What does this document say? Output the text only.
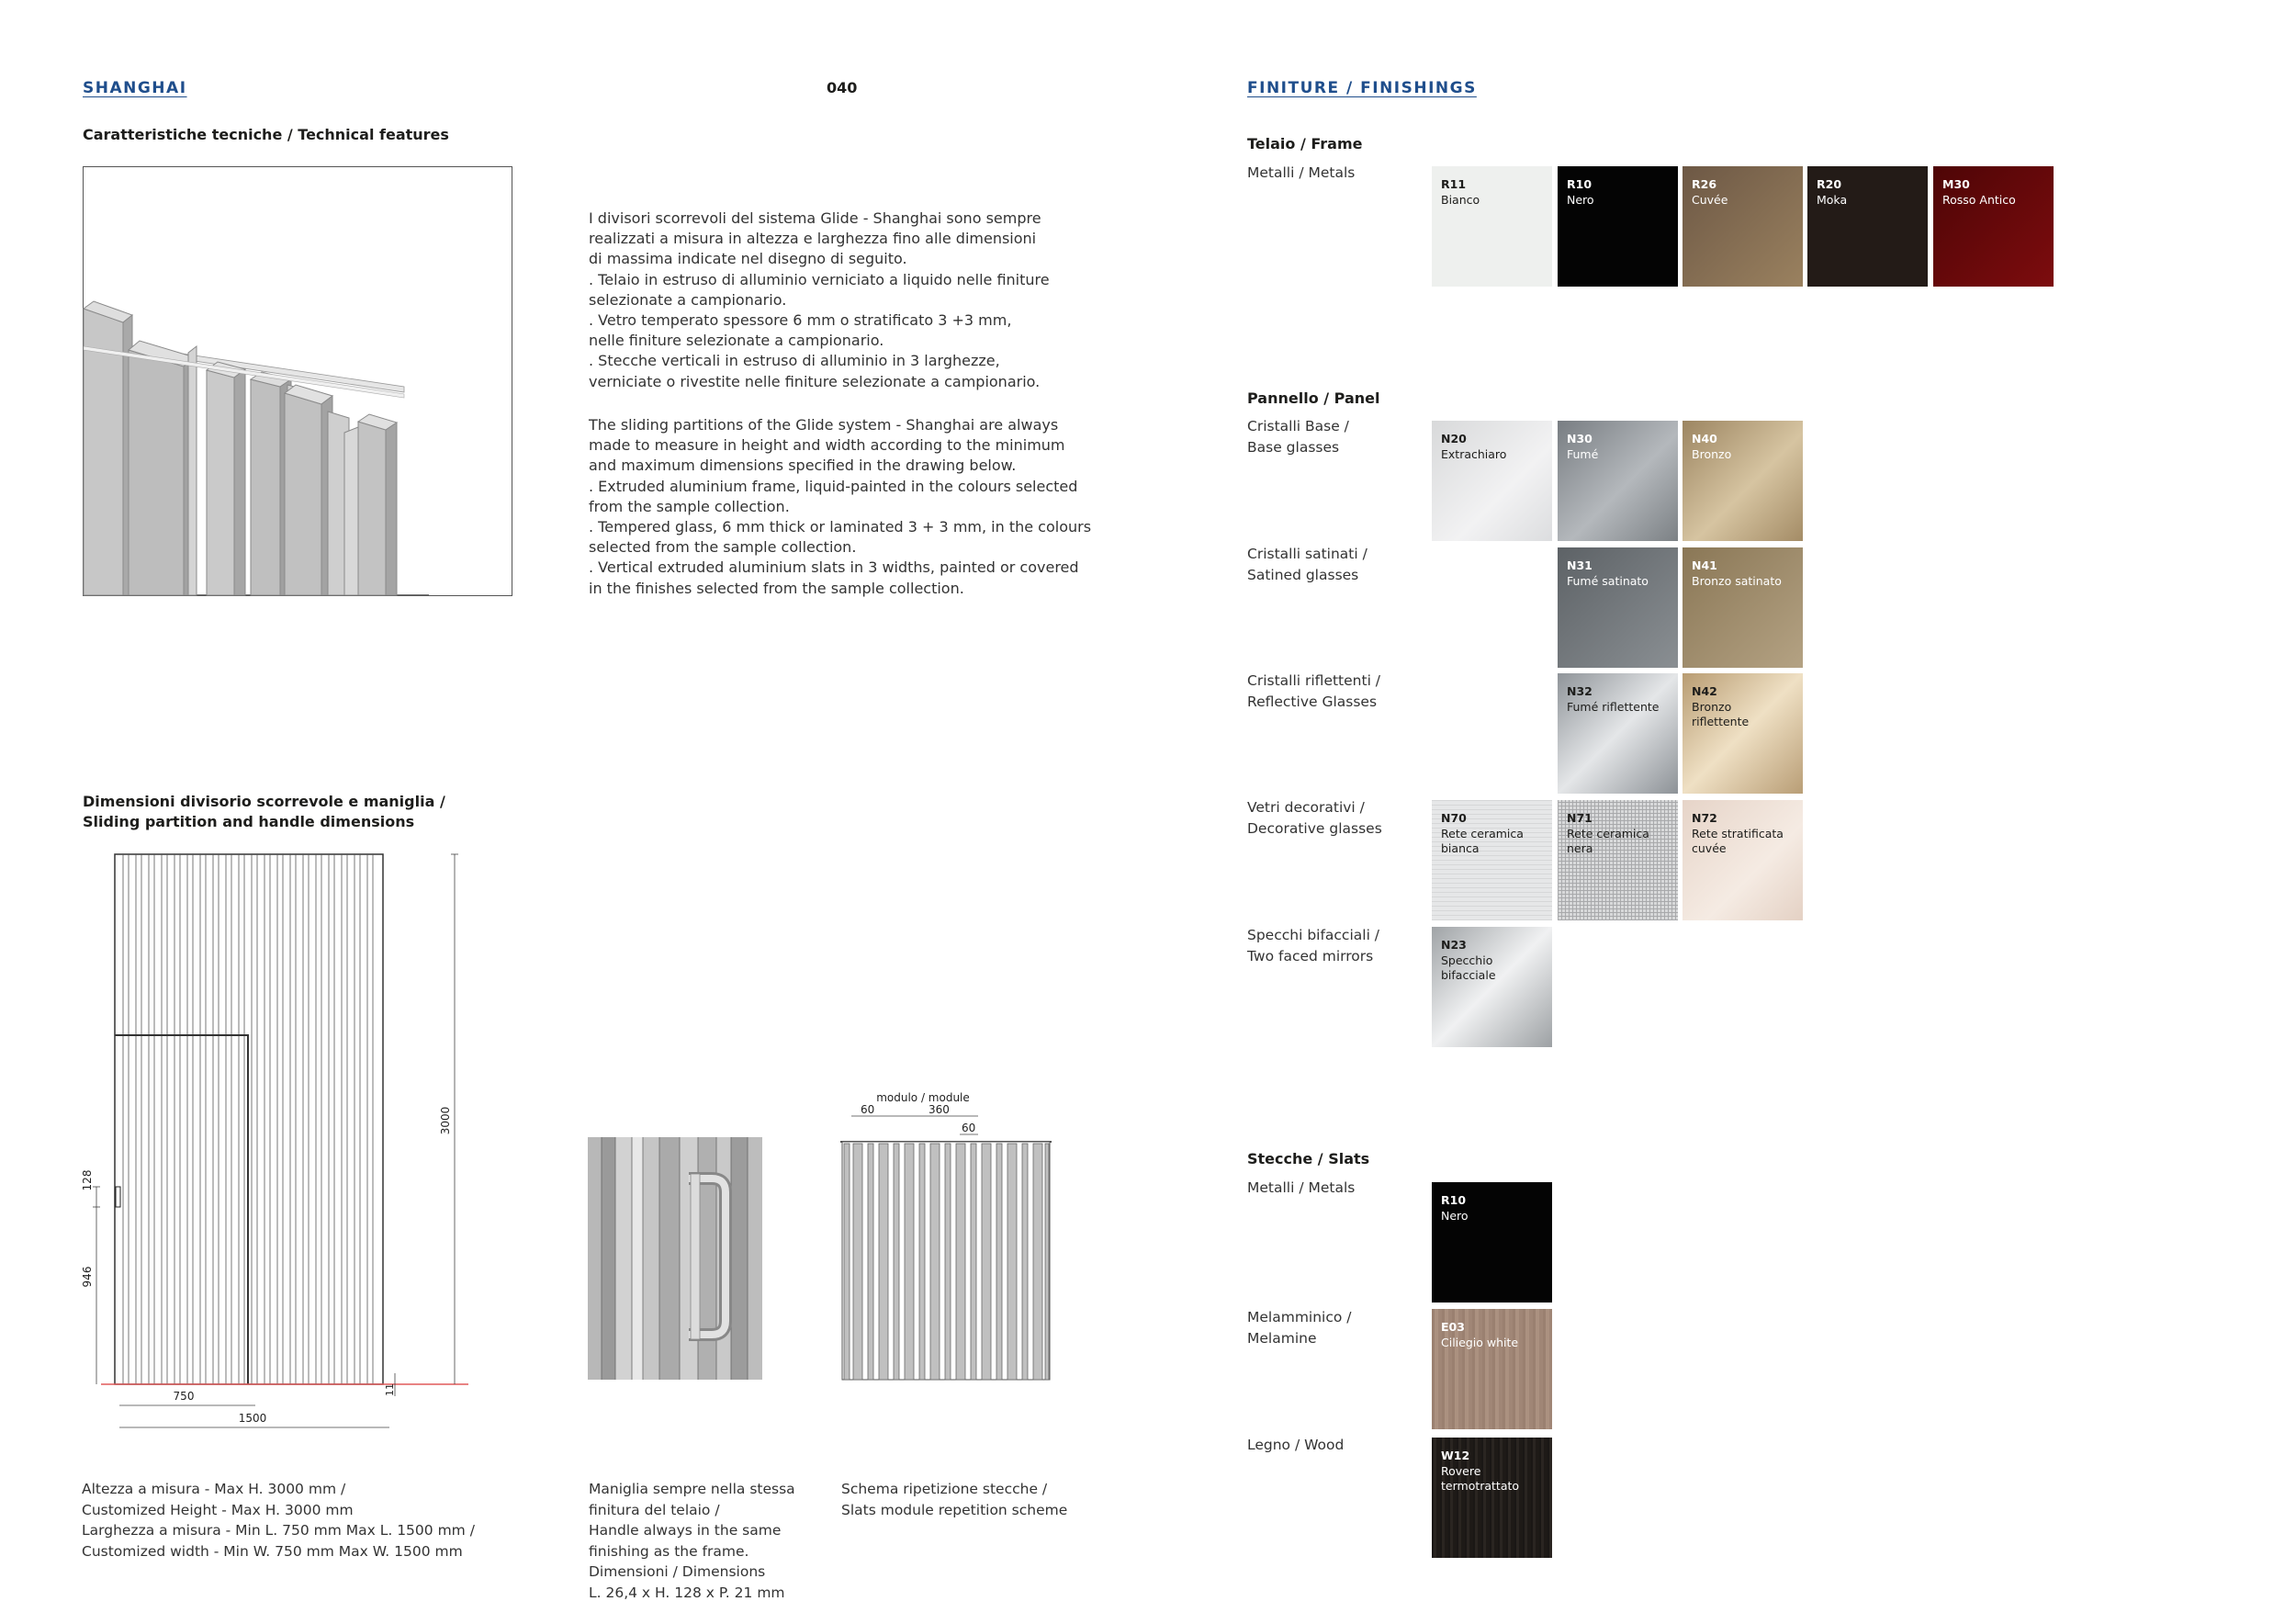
SHANGHAI	040	FINITURE / FINISHINGS
Caratteristiche tecniche / Technical features
I divisori scorrevoli del sistema Glide - Shanghai sono sempre
realizzati a misura in altezza e larghezza fino alle dimensioni
di massima indicate nel disegno di seguito.
. Telaio in estruso di alluminio verniciato a liquido nelle finiture
selezionate a campionario.
. Vetro temperato spessore 6 mm o stratificato 3 +3 mm,
nelle finiture selezionate a campionario.
. Stecche verticali in estruso di alluminio in 3 larghezze,
verniciate o rivestite nelle finiture selezionate a campionario.
The sliding partitions of the Glide system - Shanghai are always
made to measure in height and width according to the minimum
and maximum dimensions specified in the drawing below.
. Extruded aluminium frame, liquid-painted in the colours selected
from the sample collection.
. Tempered glass, 6 mm thick or laminated 3 + 3 mm, in the colours
selected from the sample collection.
. Vertical extruded aluminium slats in 3 widths, painted or covered
in the finishes selected from the sample collection.
Dimensioni divisorio scorrevole e maniglia /
Sliding partition and handle dimensions
3000
128
946
11
750
1500
modulo / module
60	360
60
Altezza a misura - Max H. 3000 mm /
Customized Height - Max H. 3000 mm
Larghezza a misura - Min L. 750 mm Max L. 1500 mm /
Customized width - Min W. 750 mm Max W. 1500 mm
Maniglia sempre nella stessa
finitura del telaio /
Handle always in the same
finishing as the frame.
Dimensioni / Dimensions
L. 26,4 x H. 128 x P. 21 mm
Schema ripetizione stecche /
Slats module repetition scheme
Telaio / Frame
Metalli / Metals
R11
Bianco
R10
Nero
R26
Cuvée
R20
Moka
M30
Rosso Antico
Pannello / Panel
Cristalli Base /
Base glasses
Cristalli satinati /
Satined glasses
Cristalli riflettenti /
Reflective Glasses
Vetri decorativi /
Decorative glasses
Specchi bifacciali /
Two faced mirrors
N20
Extrachiaro
N30
Fumé
N40
Bronzo
N31
Fumé satinato
N41
Bronzo satinato
N32
Fumé riflettente
N42
Bronzo
riflettente
N70
Rete ceramica
bianca
N71
Rete ceramica
nera
N72
Rete stratificata
cuvée
N23
Specchio
bifacciale
Stecche / Slats
Metalli / Metals
Melamminico /
Melamine
Legno / Wood
R10
Nero
E03
Ciliegio white
W12
Rovere
termotrattato
